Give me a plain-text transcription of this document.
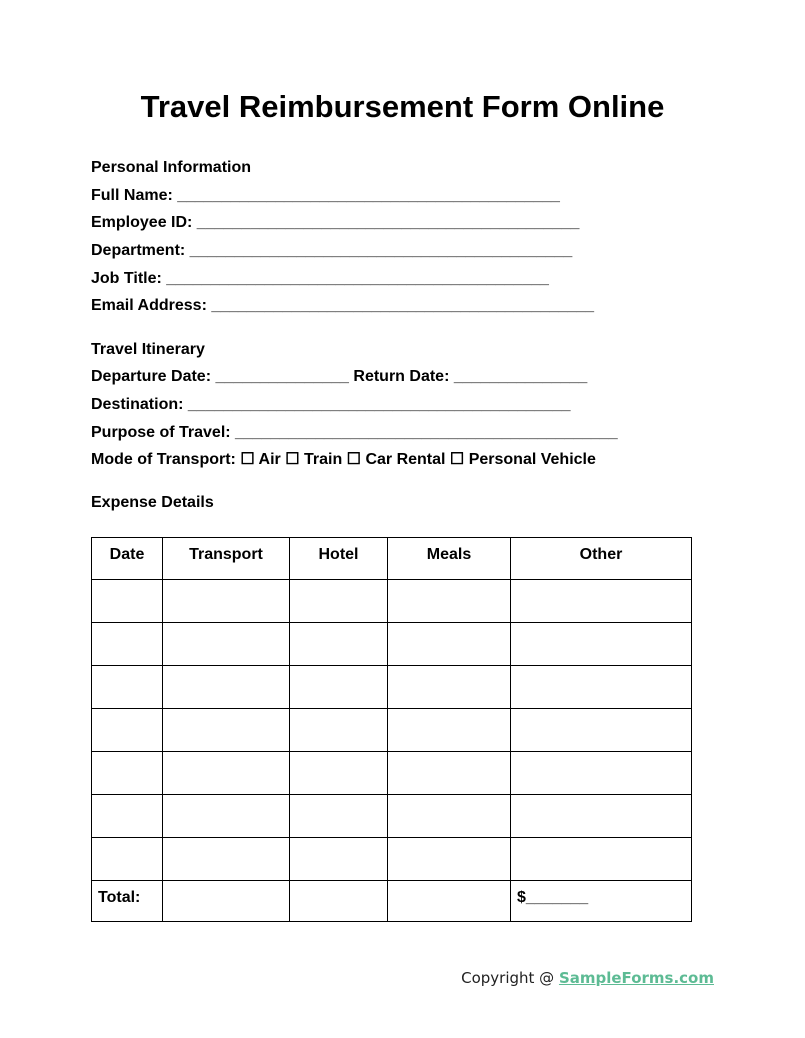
Travel Reimbursement Form Online
Personal Information
Full Name: ___________________________________________
Employee ID: ___________________________________________
Department: ___________________________________________
Job Title: ___________________________________________
Email Address: ___________________________________________
Travel Itinerary
Departure Date: _______________ Return Date: _______________
Destination: ___________________________________________
Purpose of Travel: ___________________________________________
Mode of Transport: ☐ Air ☐ Train ☐ Car Rental ☐ Personal Vehicle
Expense Details
Date	Transport	Hotel	Meals	Other

Total:				$_______
Copyright @ SampleForms.com
